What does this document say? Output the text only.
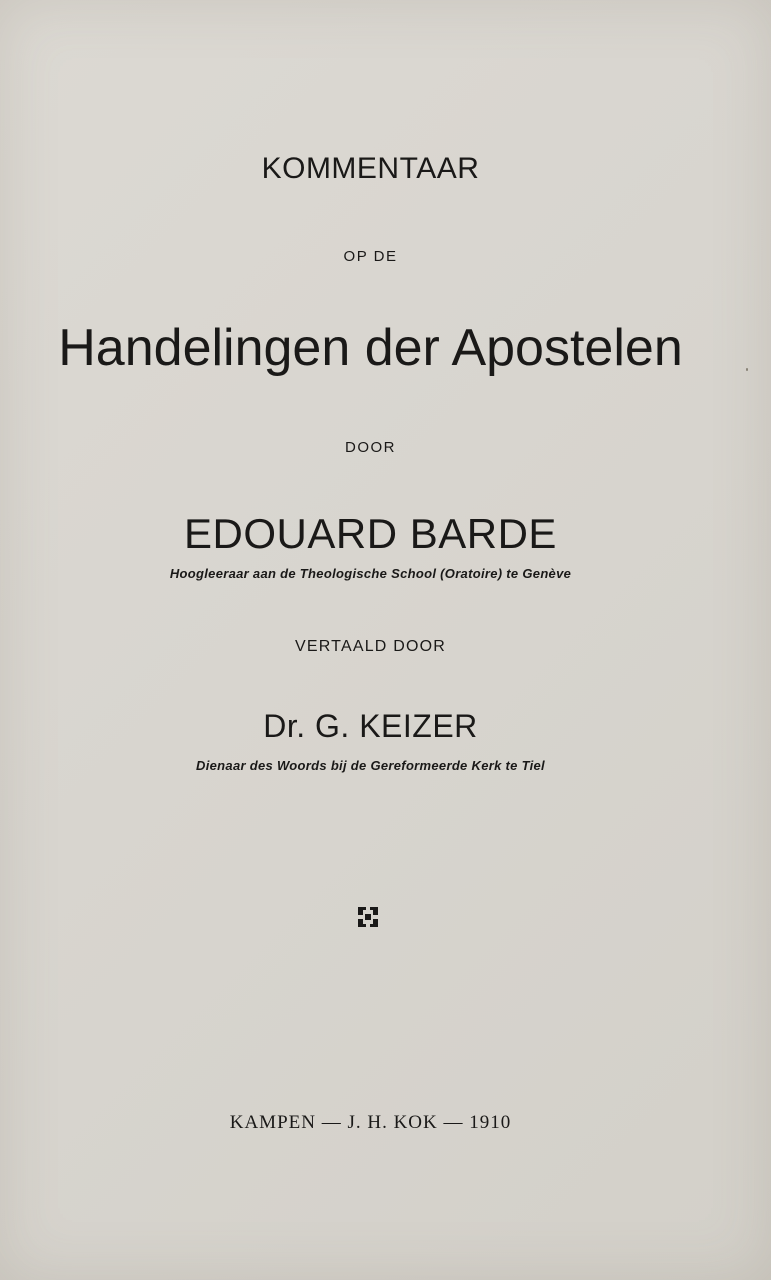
KOMMENTAAR
OP DE
Handelingen der Apostelen
DOOR
EDOUARD BARDE
Hoogleeraar aan de Theologische School (Oratoire) te Genève
VERTAALD DOOR
Dr. G. KEIZER
Dienaar des Woords bij de Gereformeerde Kerk te Tiel
KAMPEN — J. H. KOK — 1910
